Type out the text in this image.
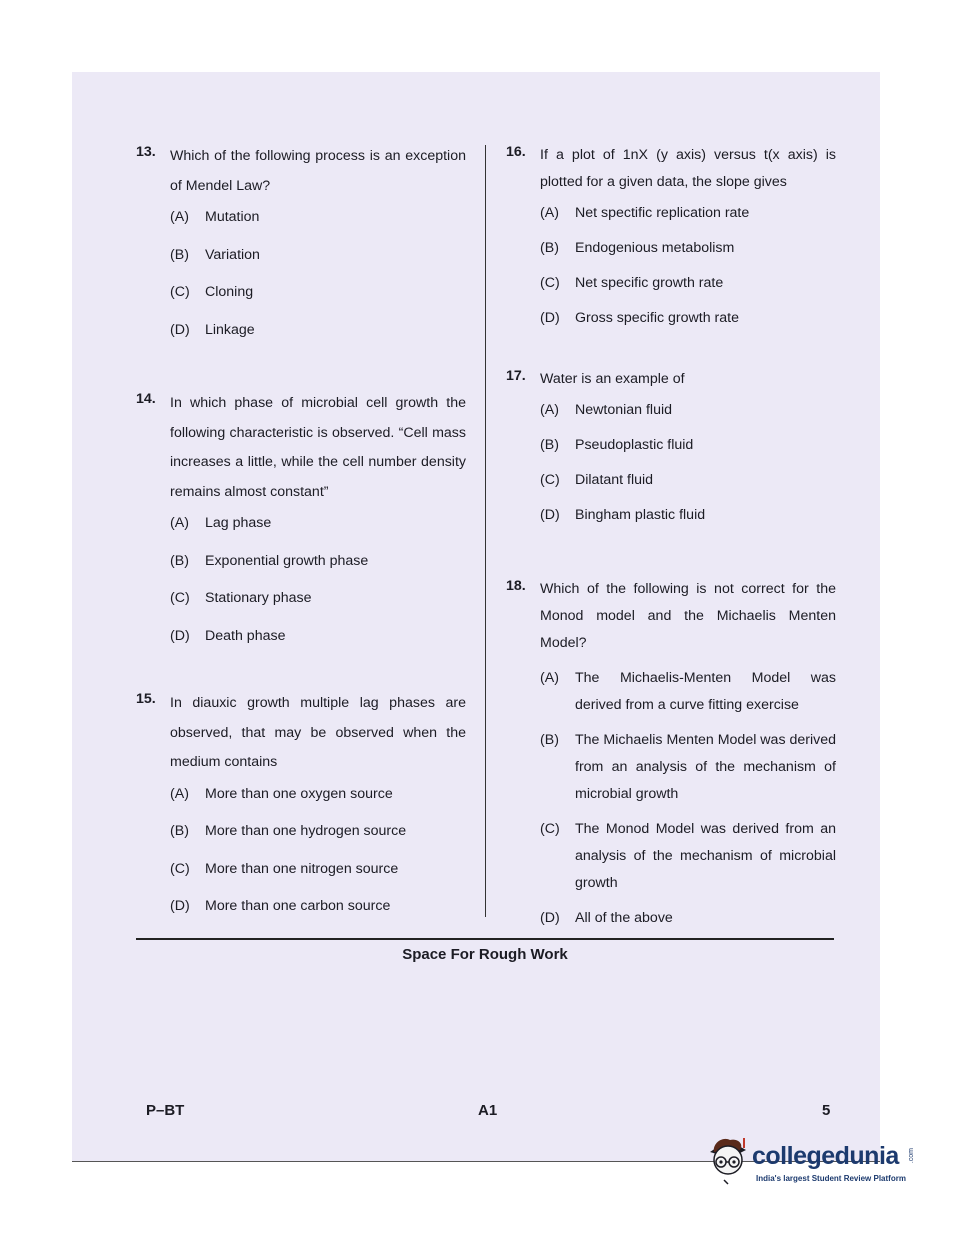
13. Which of the following process is an exception of Mendel Law?
(A) Mutation
(B) Variation
(C) Cloning
(D) Linkage
14. In which phase of microbial cell growth the following characteristic is observed. “Cell mass increases a little, while the cell number density remains almost constant”
(A) Lag phase
(B) Exponential growth phase
(C) Stationary phase
(D) Death phase
15. In diauxic growth multiple lag phases are observed, that may be observed when the medium contains
(A) More than one oxygen source
(B) More than one hydrogen source
(C) More than one nitrogen source
(D) More than one carbon source
16. If a plot of 1nX (y axis) versus t(x axis) is plotted for a given data, the slope gives
(A) Net spectific replication rate
(B) Endogenious metabolism
(C) Net specific growth rate
(D) Gross specific growth rate
17. Water is an example of
(A) Newtonian fluid
(B) Pseudoplastic fluid
(C) Dilatant fluid
(D) Bingham plastic fluid
18. Which of the following is not correct for the Monod model and the Michaelis Menten Model?
(A) The Michaelis-Menten Model was derived from a curve fitting exercise
(B) The Michaelis Menten Model was derived from an analysis of the mechanism of microbial growth
(C) The Monod Model was derived from an analysis of the mechanism of microbial growth
(D) All of the above
Space For Rough Work
P–BT	A1	5
collegedunia .com
India's largest Student Review Platform
